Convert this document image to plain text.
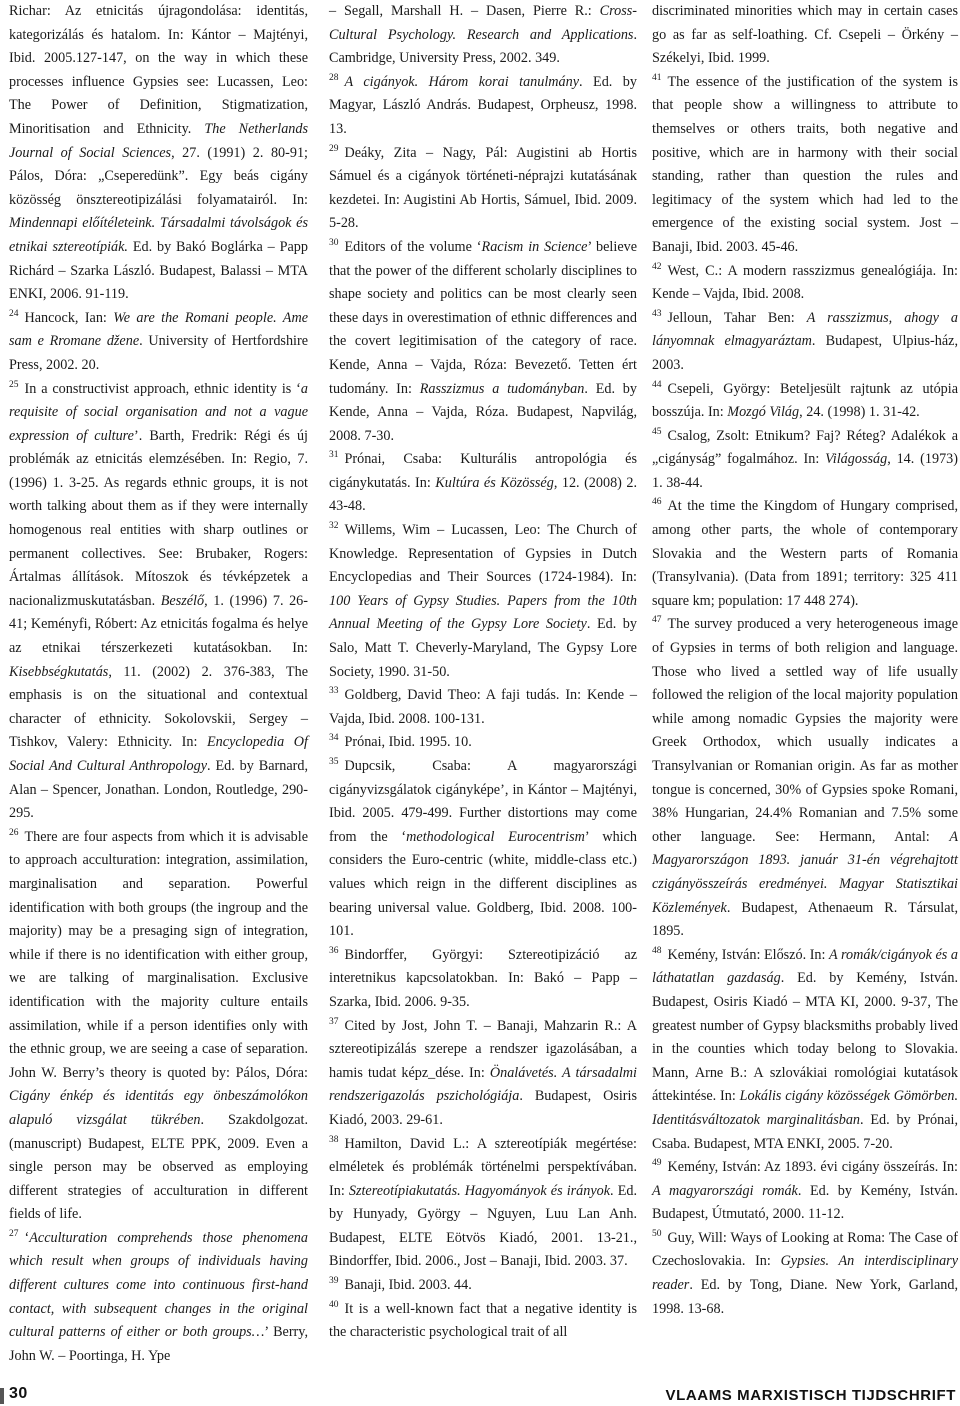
Richar: Az etnicitás újragondolása: identitás, kategorizálás és hatalom. In: Kántor – Majtényi, Ibid. 2005.127-147, on the way in which these processes influence Gypsies see: Lucassen, Leo: The Power of Definition, Stigmatization, Minoritisation and Ethnicity. The Netherlands Journal of Social Sciences, 27. (1991) 2. 80-91; Pálos, Dóra: „Cseperedünk”. Egy beás cigány közösség önsztereotipizálási folyamatairól. In: Mindennapi előítéleteink. Társadalmi távolságok és etnikai sztereotípiák. Ed. by Bakó Boglárka – Papp Richárd – Szarka László. Budapest, Balassi – MTA ENKI, 2006. 91-119.

$^{24}$ Hancock, Ian: We are the Romani people. Ame sam e Rromane džene. University of Hertfordshire Press, 2002. 20.

$^{25}$ In a constructivist approach, ethnic identity is ‘a requisite of social organisation and not a vague expression of culture’. Barth, Fredrik: Régi és új problémák az etnicitás elemzésében. In: Regio, 7. (1996) 1. 3-25. As regards ethnic groups, it is not worth talking about them as if they were internally homogenous real entities with sharp outlines or permanent collectives. See: Brubaker, Rogers: Ártalmas állítások. Mítoszok és tévképzetek a nacionalizmuskutatásban. Beszélő, 1. (1996) 7. 26-41; Keményfi, Róbert: Az etnicitás fogalma és helye az etnikai térszerkezeti kutatásokban. In: Kisebbségkutatás, 11. (2002) 2. 376-383, The emphasis is on the situational and contextual character of ethnicity. Sokolovskii, Sergey – Tishkov, Valery: Ethnicity. In: Encyclopedia Of Social And Cultural Anthropology. Ed. by Barnard, Alan – Spencer, Jonathan. London, Routledge, 290-295.

$^{26}$ There are four aspects from which it is advisable to approach acculturation: integration, assimilation, marginalisation and separation. Powerful identification with both groups (the ingroup and the majority) may be a presaging sign of integration, while if there is no identification with either group, we are talking of marginalisation. Exclusive identification with the majority culture entails assimilation, while if a person identifies only with the ethnic group, we are seeing a case of separation. John W. Berry’s theory is quoted by: Pálos, Dóra: Cigány énkép és identitás egy önbeszámolókon alapuló vizsgálat tükrében. Szakdolgozat. (manuscript) Budapest, ELTE PPK, 2009. Even a single person may be observed as employing different strategies of acculturation in different fields of life.

$^{27}$ ‘Acculturation comprehends those phenomena which result when groups of individuals having different cultures come into continuous first-hand contact, with subsequent changes in the original cultural patterns of either or both groups…’ Berry, John W. – Poortinga, H. Ype

– Segall, Marshall H. – Dasen, Pierre R.: Cross-Cultural Psychology. Research and Applications. Cambridge, University Press, 2002. 349.

$^{28}$ A cigányok. Három korai tanulmány. Ed. by Magyar, László András. Budapest, Orpheusz, 1998. 13.

$^{29}$ Deáky, Zita – Nagy, Pál: Augistini ab Hortis Sámuel és a cigányok történeti-néprajzi kutatásának kezdetei. In: Augistini Ab Hortis, Sámuel, Ibid. 2009. 5-28.

$^{30}$ Editors of the volume ‘Racism in Science’ believe that the power of the different scholarly disciplines to shape society and politics can be most clearly seen these days in overestimation of ethnic differences and the covert legitimisation of the category of race. Kende, Anna – Vajda, Róza: Bevezető. Tetten ért tudomány. In: Rasszizmus a tudományban. Ed. by Kende, Anna – Vajda, Róza. Budapest, Napvilág, 2008. 7-30.

$^{31}$ Prónai, Csaba: Kulturális antropológia és cigánykutatás. In: Kultúra és Közösség, 12. (2008) 2. 43-48.

$^{32}$ Willems, Wim – Lucassen, Leo: The Church of Knowledge. Representation of Gypsies in Dutch Encyclopedias and Their Sources (1724-1984). In: 100 Years of Gypsy Studies. Papers from the 10th Annual Meeting of the Gypsy Lore Society. Ed. by Salo, Matt T. Cheverly-Maryland, The Gypsy Lore Society, 1990. 31-50.

$^{33}$ Goldberg, David Theo: A faji tudás. In: Kende – Vajda, Ibid. 2008. 100-131.

$^{34}$ Prónai, Ibid. 1995. 10.

$^{35}$ Dupcsik, Csaba: A magyarországi cigányvizsgálatok cigányképe’, in Kántor – Majtényi, Ibid. 2005. 479-499. Further distortions may come from the ‘methodological Eurocentrism’ which considers the Euro-centric (white, middle-class etc.) values which reign in the different disciplines as bearing universal value. Goldberg, Ibid. 2008. 100-101.

$^{36}$ Bindorffer, Györgyi: Sztereotipizáció az interetnikus kapcsolatokban. In: Bakó – Papp – Szarka, Ibid. 2006. 9-35.

$^{37}$ Cited by Jost, John T. – Banaji, Mahzarin R.: A sztereotipizálás szerepe a rendszer igazolásában, a hamis tudat képz_dése. In: Önalávetés. A társadalmi rendszerigazolás pszichológiája. Budapest, Osiris Kiadó, 2003. 29-61.

$^{38}$ Hamilton, David L.: A sztereotípiák megértése: elméletek és problémák történelmi perspektívában. In: Sztereotípiakutatás. Hagyományok és irányok. Ed. by Hunyady, György – Nguyen, Luu Lan Anh. Budapest, ELTE Eötvös Kiadó, 2001. 13-21., Bindorffer, Ibid. 2006., Jost – Banaji, Ibid. 2003. 37.

$^{39}$ Banaji, Ibid. 2003. 44.

$^{40}$ It is a well-known fact that a negative identity is the characteristic psychological trait of all

discriminated minorities which may in certain cases go as far as self-loathing. Cf. Csepeli – Örkény – Székelyi, Ibid. 1999.

$^{41}$ The essence of the justification of the system is that people show a willingness to attribute to themselves or others traits, both negative and positive, which are in harmony with their social standing, rather than question the rules and legitimacy of the system which had led to the emergence of the existing social system. Jost – Banaji, Ibid. 2003. 45-46.

$^{42}$ West, C.: A modern rasszizmus genealógiája. In: Kende – Vajda, Ibid. 2008.

$^{43}$ Jelloun, Tahar Ben: A rasszizmus, ahogy a lányomnak elmagyaráztam. Budapest, Ulpius-ház, 2003.

$^{44}$ Csepeli, György: Beteljesült rajtunk az utópia bosszúja. In: Mozgó Világ, 24. (1998) 1. 31-42.

$^{45}$ Csalog, Zsolt: Etnikum? Faj? Réteg? Adalékok a „cigányság” fogalmához. In: Világosság, 14. (1973) 1. 38-44.

$^{46}$ At the time the Kingdom of Hungary comprised, among other parts, the whole of contemporary Slovakia and the Western parts of Romania (Transylvania). (Data from 1891; territory: 325 411 square km; population: 17 448 274).

$^{47}$ The survey produced a very heterogeneous image of Gypsies in terms of both religion and language. Those who lived a settled way of life usually followed the religion of the local majority population while among nomadic Gypsies the majority were Greek Orthodox, which usually indicates a Transylvanian or Romanian origin. As far as mother tongue is concerned, 30% of Gypsies spoke Romani, 38% Hungarian, 24.4% Romanian and 7.5% some other language. See: Hermann, Antal: A Magyarországon 1893. január 31-én végrehajtott czigányösszeírás eredményei. Magyar Statisztikai Közlemények. Budapest, Athenaeum R. Társulat, 1895.

$^{48}$ Kemény, István: Előszó. In: A romák/cigányok és a láthatatlan gazdaság. Ed. by Kemény, István. Budapest, Osiris Kiadó – MTA KI, 2000. 9-37, The greatest number of Gypsy blacksmiths probably lived in the counties which today belong to Slovakia. Mann, Arne B.: A szlovákiai romológiai kutatások áttekintése. In: Lokális cigány közösségek Gömörben. Identitásváltozatok marginalitásban. Ed. by Prónai, Csaba. Budapest, MTA ENKI, 2005. 7-20.

$^{49}$ Kemény, István: Az 1893. évi cigány összeírás. In: A magyarországi romák. Ed. by Kemény, István. Budapest, Útmutató, 2000. 11-12.

$^{50}$ Guy, Will: Ways of Looking at Roma: The Case of Czechoslovakia. In: Gypsies. An interdisciplinary reader. Ed. by Tong, Diane. New York, Garland, 1998. 13-68.

30	VLAAMS MARXISTISCH TIJDSCHRIFT
